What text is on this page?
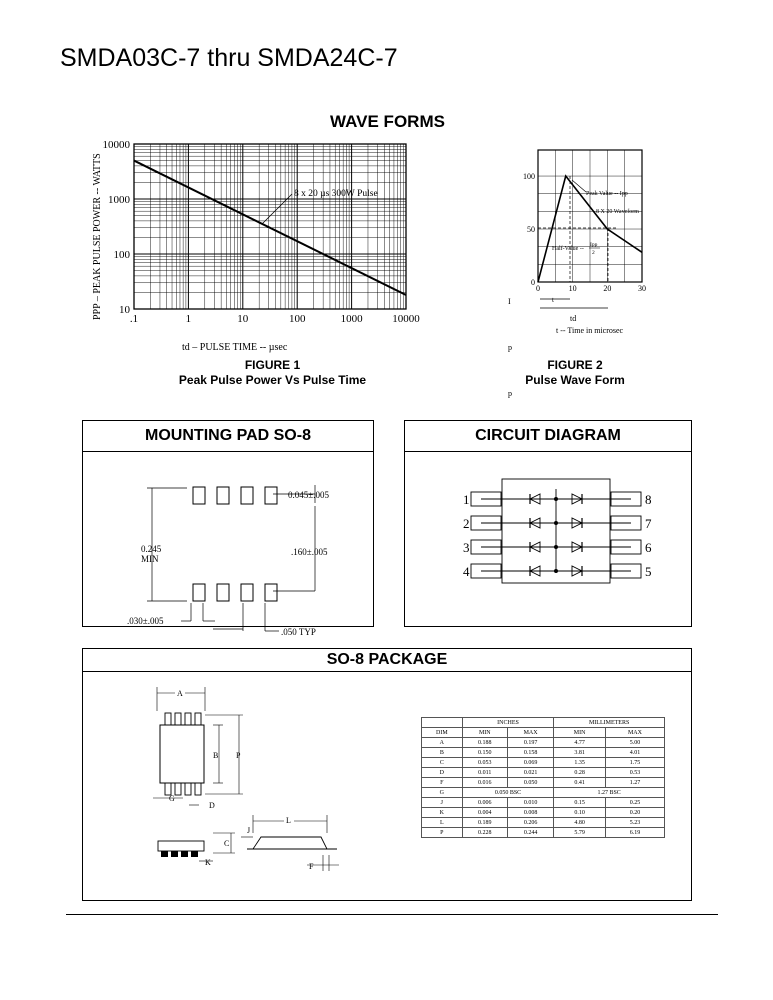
SMDA03C-7 thru SMDA24C-7
WAVE FORMS
10000
1000
100
10
.1	1	10	100	1000	10000
8 x 20 µs 300W Pulse
PPP – PEAK PULSE POWER -- WATTS
td – PULSE TIME -- µsec
FIGURE 1
Peak Pulse Power Vs Pulse Time
Peak Value -- Ipp
8 X 20 Waveform
Half-Value --
Ipp
2
100
50
0
0	10	20	30
t
td
t -- Time in microsec
I
p
p
FIGURE 2
Pulse Wave Form
MOUNTING PAD SO-8
0.045±.005
0.245
MIN
.160±.005
.030±.005
.050 TYP
CIRCUIT DIAGRAM
1	8
2	7
3	6
4	5
SO-8 PACKAGE
A
B P
G
D
C
K
L
J
F
	INCHES		MILLIMETERS	
DIM	MIN	MAX	MIN	MAX
A	0.188	0.197	4.77	5.00
B	0.150	0.158	3.81	4.01
C	0.053	0.069	1.35	1.75
D	0.011	0.021	0.28	0.53
F	0.016	0.050	0.41	1.27
G	0.050 BSC		1.27 BSC	
J	0.006	0.010	0.15	0.25
K	0.004	0.008	0.10	0.20
L	0.189	0.206	4.80	5.23
P	0.228	0.244	5.79	6.19
